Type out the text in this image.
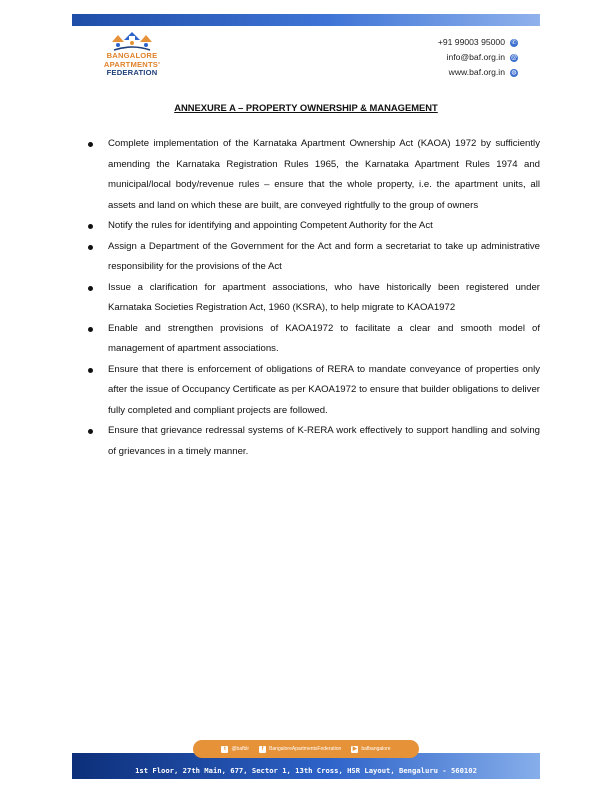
BANGALORE
APARTMENTS'
FEDERATION
+91 99003 95000 ✆
info@baf.org.in @
www.baf.org.in ◍
ANNEXURE A – PROPERTY OWNERSHIP & MANAGEMENT
Complete implementation of the Karnataka Apartment Ownership Act (KAOA) 1972 by sufficiently amending the Karnataka Registration Rules 1965, the Karnataka Apartment Rules 1974 and municipal/local body/revenue rules – ensure that the whole property, i.e. the apartment units, all assets and land on which these are built, are conveyed rightfully to the group of owners
Notify the rules for identifying and appointing Competent Authority for the Act
Assign a Department of the Government for the Act and form a secretariat to take up administrative responsibility for the provisions of the Act
Issue a clarification for apartment associations, who have historically been registered under Karnataka Societies Registration Act, 1960 (KSRA), to help migrate to KAOA1972
Enable and strengthen provisions of KAOA1972 to facilitate a clear and smooth model of management of apartment associations.
Ensure that there is enforcement of obligations of RERA to mandate conveyance of properties only after the issue of Occupancy Certificate as per KAOA1972 to ensure that builder obligations to deliver fully completed and compliant projects are followed.
Ensure that grievance redressal systems of K-RERA work effectively to support handling and solving of grievances in a timely manner.
t	@bafblr	f	BangaloreApartmentsFederation ▶ bafbangalore
1st Floor, 27th Main, 677, Sector 1, 13th Cross, HSR Layout, Bengaluru - 560102
